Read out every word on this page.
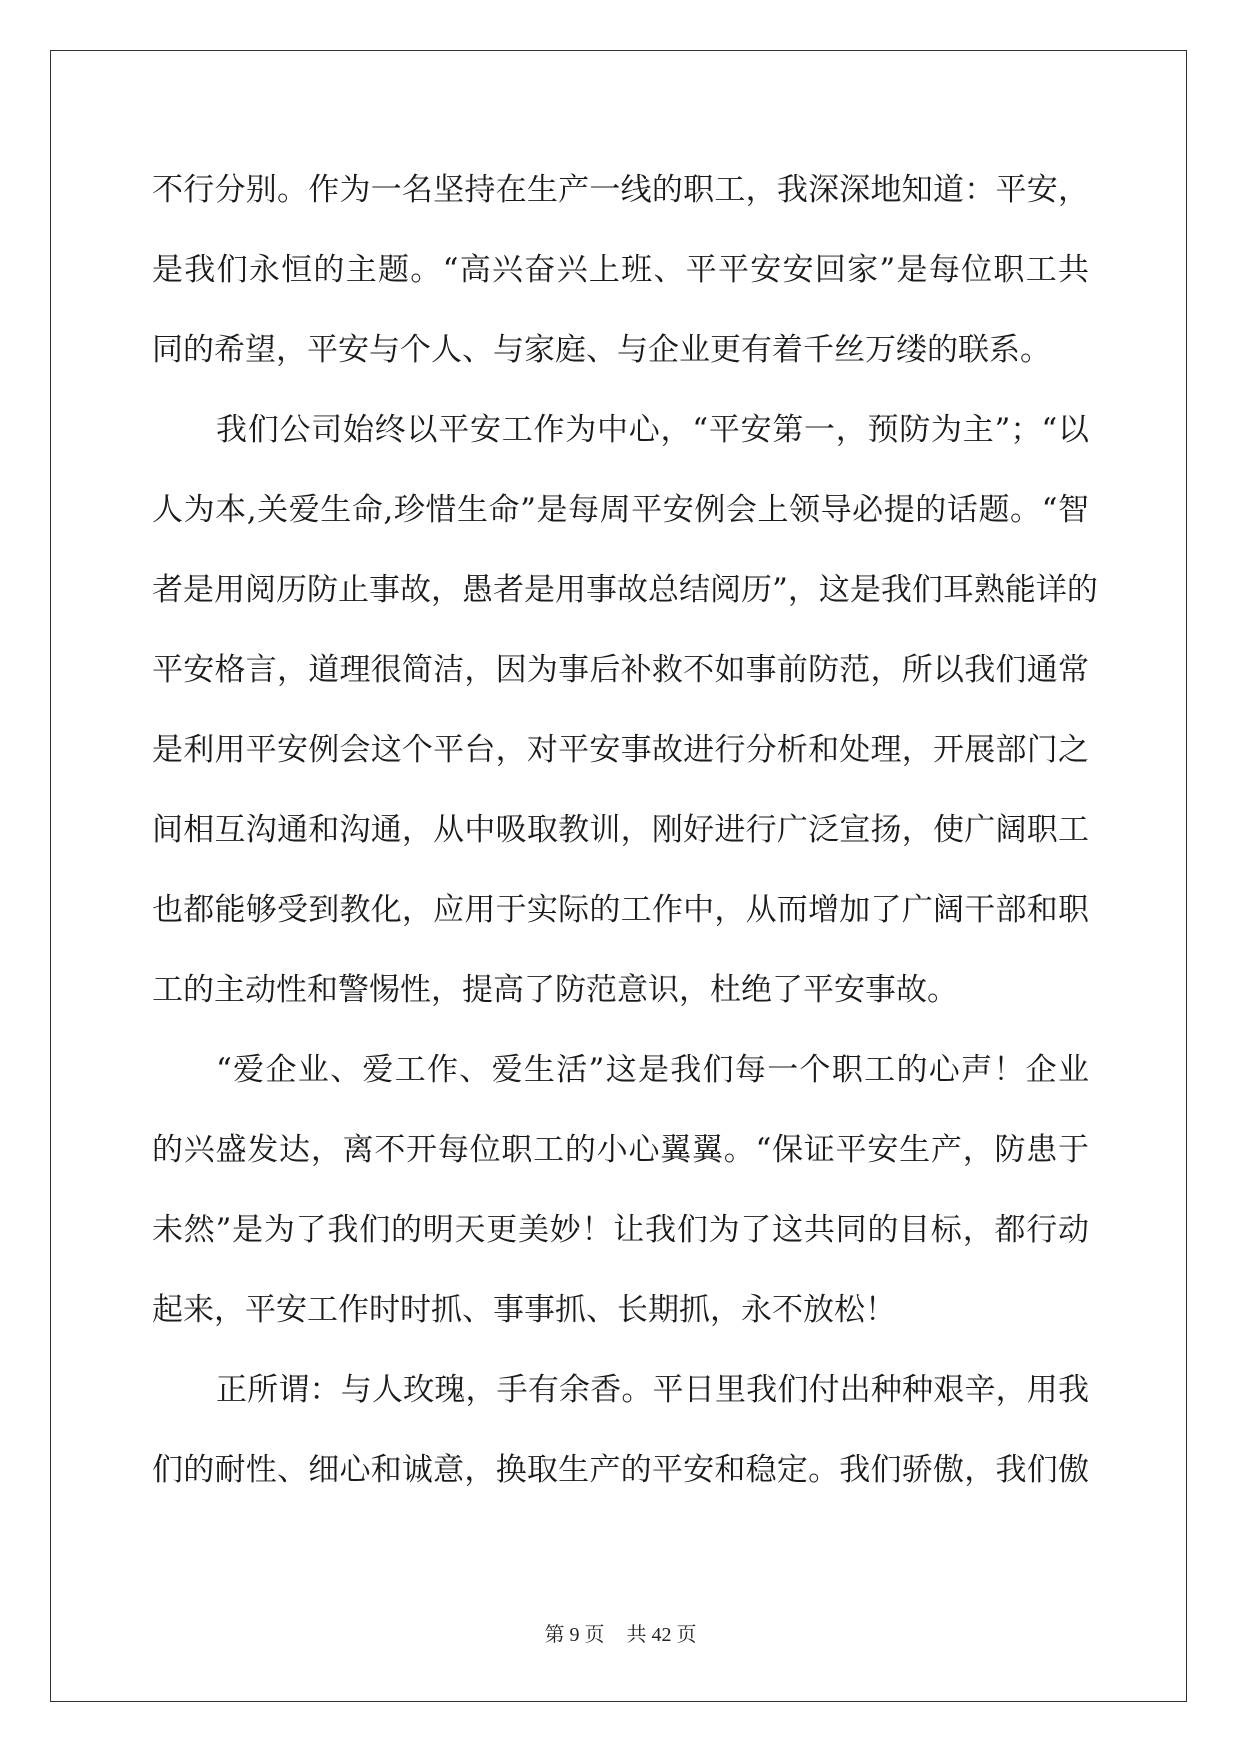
不行分别。作为一名坚持在生产一线的职工，我深深地知道：平安，
是我们永恒的主题。“高兴奋兴上班、平平安安回家”是每位职工共
同的希望，平安与个人、与家庭、与企业更有着千丝万缕的联系。
我们公司始终以平安工作为中心，“平安第一，预防为主”；“以
人为本,关爱生命,珍惜生命”是每周平安例会上领导必提的话题。“智
者是用阅历防止事故，愚者是用事故总结阅历”，这是我们耳熟能详的
平安格言，道理很简洁，因为事后补救不如事前防范，所以我们通常
是利用平安例会这个平台，对平安事故进行分析和处理，开展部门之
间相互沟通和沟通，从中吸取教训，刚好进行广泛宣扬，使广阔职工
也都能够受到教化，应用于实际的工作中，从而增加了广阔干部和职
工的主动性和警惕性，提高了防范意识，杜绝了平安事故。
“爱企业、爱工作、爱生活”这是我们每一个职工的心声！企业
的兴盛发达，离不开每位职工的小心翼翼。“保证平安生产，防患于
未然”是为了我们的明天更美妙！让我们为了这共同的目标，都行动
起来，平安工作时时抓、事事抓、长期抓，永不放松！
正所谓：与人玫瑰，手有余香。平日里我们付出种种艰辛，用我
们的耐性、细心和诚意，换取生产的平安和稳定。我们骄傲，我们傲
第 9 页 共 42 页
